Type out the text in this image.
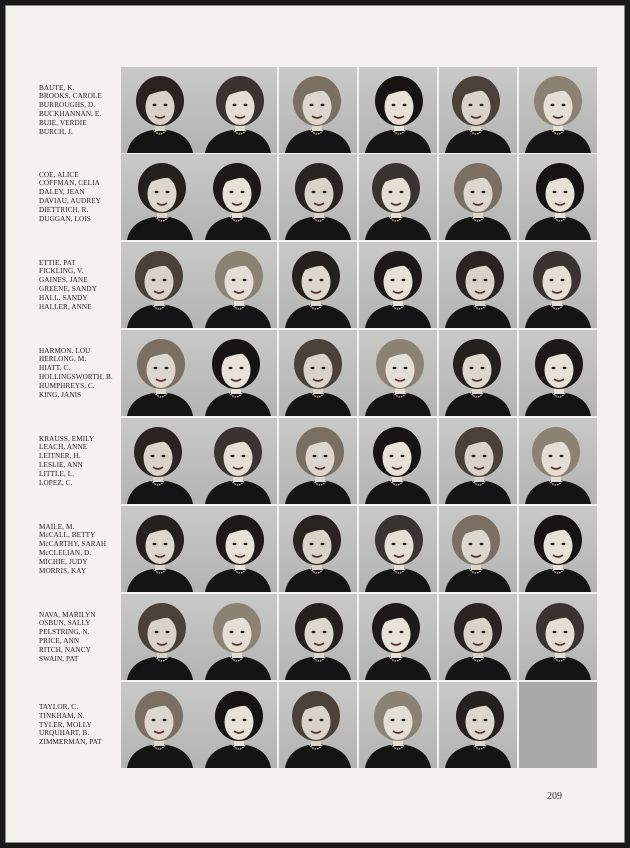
BAUTE, K.
BROOKS, CAROLE
BURROUGHS, D.
BUCKHANNAN, E.
BUIE, VERDIE
BURCH, J.
COE, ALICE
COFFMAN, CELIA
DALEY, JEAN
DAVIAU, AUDREY
DIETTRICH, R.
DUGGAN, LOIS
ETTIE, PAT
FICKLING, V.
GAINES, JANE
GREENE, SANDY
HALL, SANDY
HALLER, ANNE
HARMON, LOU
HERLONG, M.
HIATT, C.
HOLLINGSWORTH, B.
HUMPHREYS, C.
KING, JANIS
KRAUSS, EMILY
LEACH, ANNE
LEITNER, H.
LESLIE, ANN
LITTLE, L.
LOPEZ, C.
MAILE, M.
McCALL, BETTY
McCARTHY, SARAH
McCLELIAN, D.
MICHIE, JUDY
MORRIS, KAY
NAVA, MARILYN
OSBUN, SALLY
PELSTRING, N.
PRICE, ANN
RITCH, NANCY
SWAIN, PAT
TAYLOR, C.
TINKHAM, N.
TYLER, MOLLY
URQUHART, B.
ZIMMERMAN, PAT
209
